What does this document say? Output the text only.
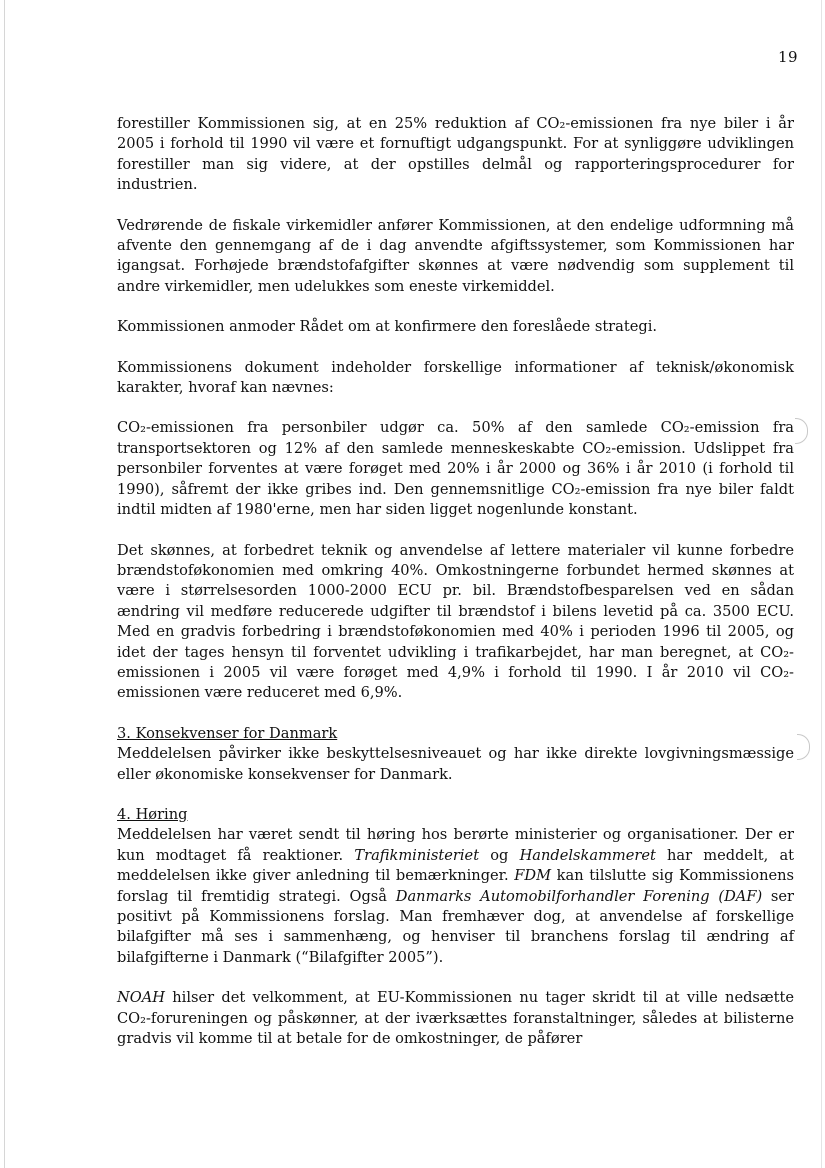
19

forestiller Kommissionen sig, at en 25% reduktion af CO₂-emissionen fra nye biler i år 2005 i forhold til 1990 vil være et fornuftigt udgangspunkt. For at synliggøre udviklingen forestiller man sig videre, at der opstilles delmål og rapporteringsprocedurer for industrien.

Vedrørende de fiskale virkemidler anfører Kommissionen, at den endelige udformning må afvente den gennemgang af de i dag anvendte afgiftssystemer, som Kommissionen har igangsat. Forhøjede brændstofafgifter skønnes at være nødvendig som supplement til andre virkemidler, men udelukkes som eneste virkemiddel.

Kommissionen anmoder Rådet om at konfirmere den foreslåede strategi.

Kommissionens dokument indeholder forskellige informationer af teknisk/økonomisk karakter, hvoraf kan nævnes:

CO₂-emissionen fra personbiler udgør ca. 50% af den samlede CO₂-emission fra transportsektoren og 12% af den samlede menneskeskabte CO₂-emission. Udslippet fra personbiler forventes at være forøget med 20% i år 2000 og 36% i år 2010 (i forhold til 1990), såfremt der ikke gribes ind. Den gennemsnitlige CO₂-emission fra nye biler faldt indtil midten af 1980'erne, men har siden ligget nogenlunde konstant.

Det skønnes, at forbedret teknik og anvendelse af lettere materialer vil kunne forbedre brændstoføkonomien med omkring 40%. Omkostningerne forbundet hermed skønnes at være i størrelsesorden 1000-2000 ECU pr. bil. Brændstofbesparelsen ved en sådan ændring vil medføre reducerede udgifter til brændstof i bilens levetid på ca. 3500 ECU. Med en gradvis forbedring i brændstoføkonomien med 40% i perioden 1996 til 2005, og idet der tages hensyn til forventet udvikling i trafikarbejdet, har man beregnet, at CO₂-emissionen i 2005 vil være forøget med 4,9% i forhold til 1990. I år 2010 vil CO₂-emissionen være reduceret med 6,9%.

3. Konsekvenser for Danmark

Meddelelsen påvirker ikke beskyttelsesniveauet og har ikke direkte lovgivningsmæssige eller økonomiske konsekvenser for Danmark.

4. Høring

Meddelelsen har været sendt til høring hos berørte ministerier og organisationer. Der er kun modtaget få reaktioner. Trafikministeriet og Handelskammeret har meddelt, at meddelelsen ikke giver anledning til bemærkninger. FDM kan tilslutte sig Kommissionens forslag til fremtidig strategi. Også Danmarks Automobilforhandler Forening (DAF) ser positivt på Kommissionens forslag. Man fremhæver dog, at anvendelse af forskellige bilafgifter må ses i sammenhæng, og henviser til branchens forslag til ændring af bilafgifterne i Danmark (“Bilafgifter 2005”).

NOAH hilser det velkomment, at EU-Kommissionen nu tager skridt til at ville nedsætte CO₂-forureningen og påskønner, at der iværksættes foranstaltninger, således at bilisterne gradvis vil komme til at betale for de omkostninger, de påfører
